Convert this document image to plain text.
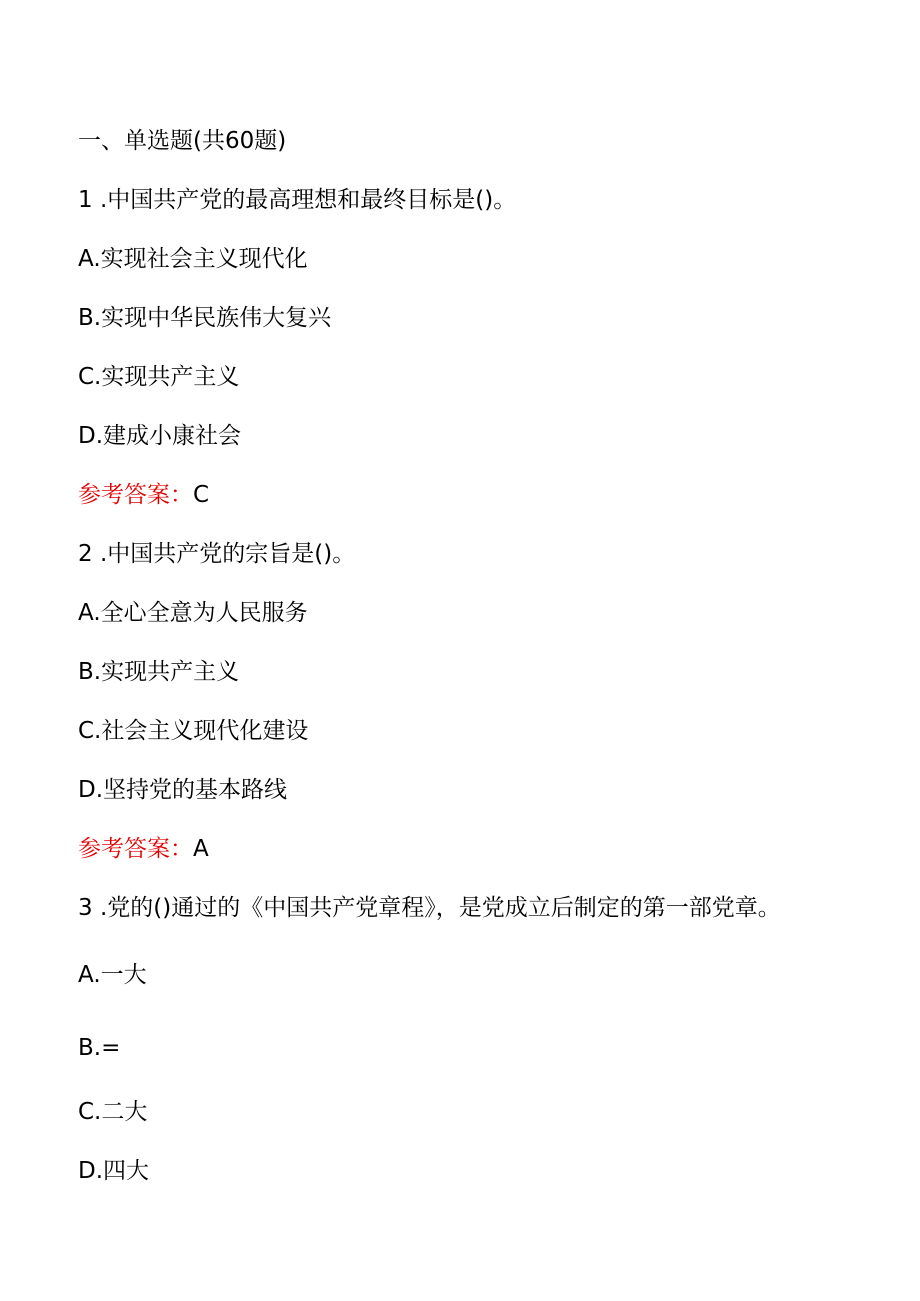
一、单选题(共60题)
1 .中国共产党的最高理想和最终目标是()。
A.实现社会主义现代化
B.实现中华民族伟大复兴
C.实现共产主义
D.建成小康社会
参考答案：C
2 .中国共产党的宗旨是()。
A.全心全意为人民服务
B.实现共产主义
C.社会主义现代化建设
D.坚持党的基本路线
参考答案：A
3 .党的()通过的《中国共产党章程》，是党成立后制定的第一部党章。
A.一大
B.=
C.二大
D.四大
